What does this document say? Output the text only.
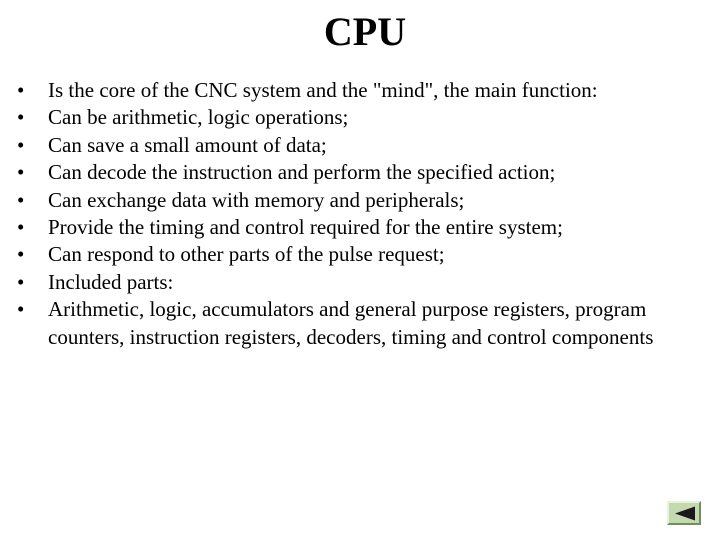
CPU
•	Is the core of the CNC system and the "mind", the main function:
•	Can be arithmetic, logic operations;
•	Can save a small amount of data;
•	Can decode the instruction and perform the specified action;
•	Can exchange data with memory and peripherals;
•	Provide the timing and control required for the entire system;
•	Can respond to other parts of the pulse request;
•	Included parts:
•	Arithmetic, logic, accumulators and general purpose registers, program counters, instruction registers, decoders, timing and control components
